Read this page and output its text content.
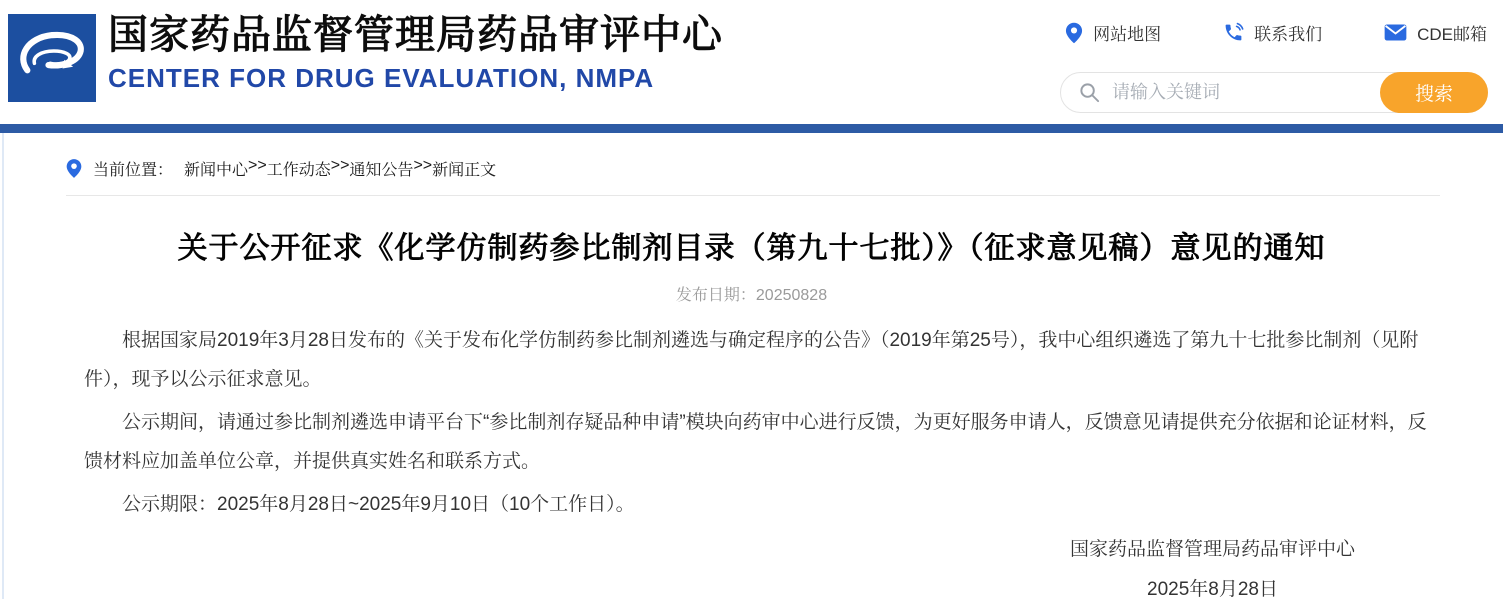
国家药品监督管理局药品审评中心
CENTER FOR DRUG EVALUATION, NMPA
网站地图	联系我们	CDE邮箱
请输入关键词
搜索
当前位置： 新闻中心 >> 工作动态 >> 通知公告 >> 新闻正文
关于公开征求《化学仿制药参比制剂目录（第九十七批）》（征求意见稿）意见的通知
发布日期：20250828

根据国家局2019年3月28日发布的《关于发布化学仿制药参比制剂遴选与确定程序的公告》（2019年第25号），我中心组织遴选了第九十七批参比制剂（见附件），现予以公示征求意见。

公示期间，请通过参比制剂遴选申请平台下“参比制剂存疑品种申请”模块向药审中心进行反馈，为更好服务申请人，反馈意见请提供充分依据和论证材料，反馈材料应加盖单位公章，并提供真实姓名和联系方式。

公示期限：2025年8月28日~2025年9月10日（10个工作日）。

国家药品监督管理局药品审评中心
2025年8月28日
